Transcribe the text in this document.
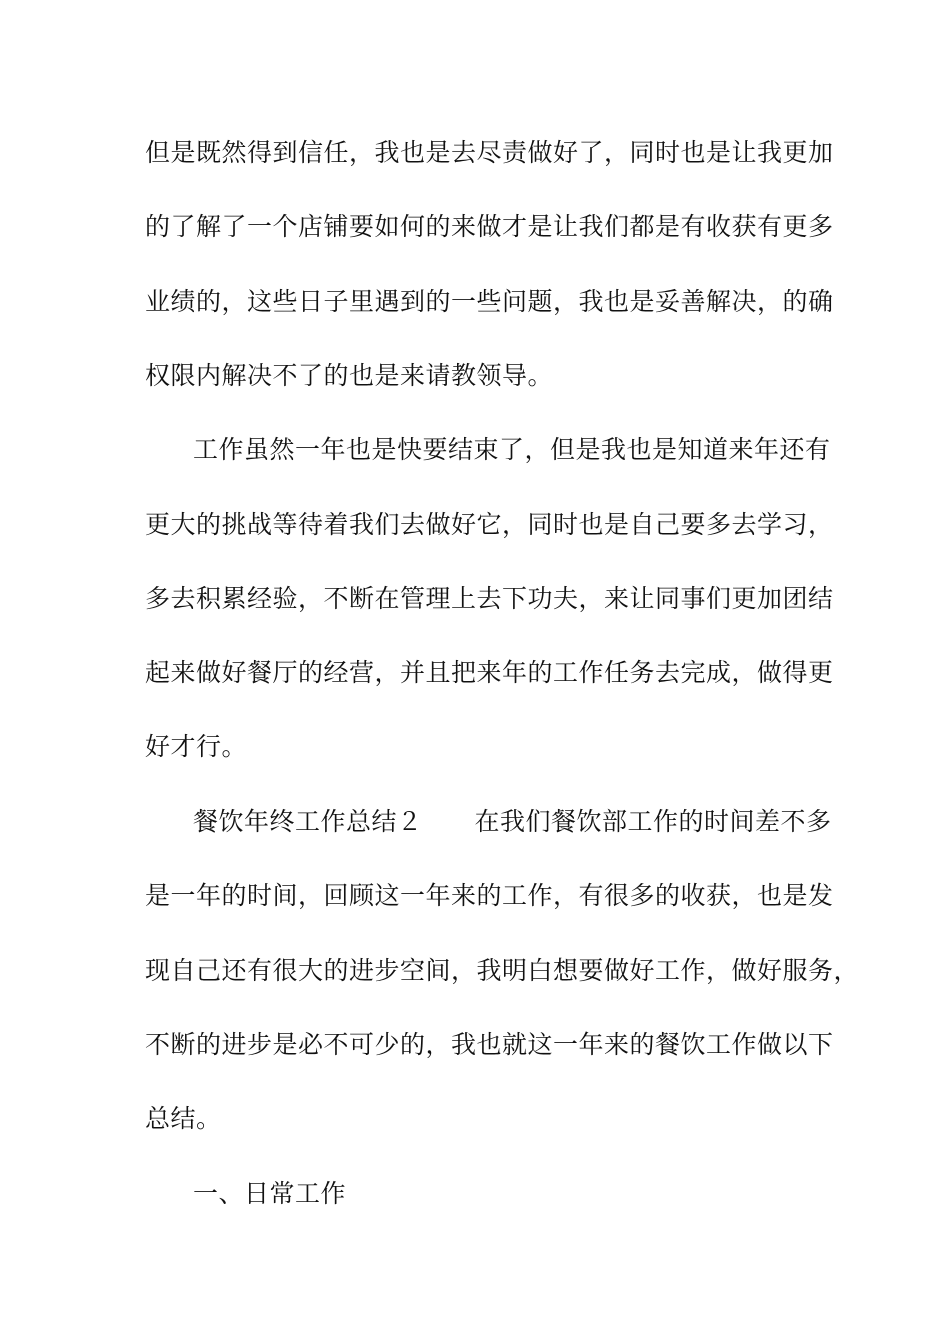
但是既然得到信任，我也是去尽责做好了，同时也是让我更加
的了解了一个店铺要如何的来做才是让我们都是有收获有更多
业绩的，这些日子里遇到的一些问题，我也是妥善解决，的确
权限内解决不了的也是来请教领导。
工作虽然一年也是快要结束了，但是我也是知道来年还有
更大的挑战等待着我们去做好它，同时也是自己要多去学习，
多去积累经验，不断在管理上去下功夫，来让同事们更加团结
起来做好餐厅的经营，并且把来年的工作任务去完成，做得更
好才行。
餐饮年终工作总结２ 在我们餐饮部工作的时间差不多
是一年的时间，回顾这一年来的工作，有很多的收获，也是发
现自己还有很大的进步空间，我明白想要做好工作，做好服务，
不断的进步是必不可少的，我也就这一年来的餐饮工作做以下
总结。
一、日常工作
